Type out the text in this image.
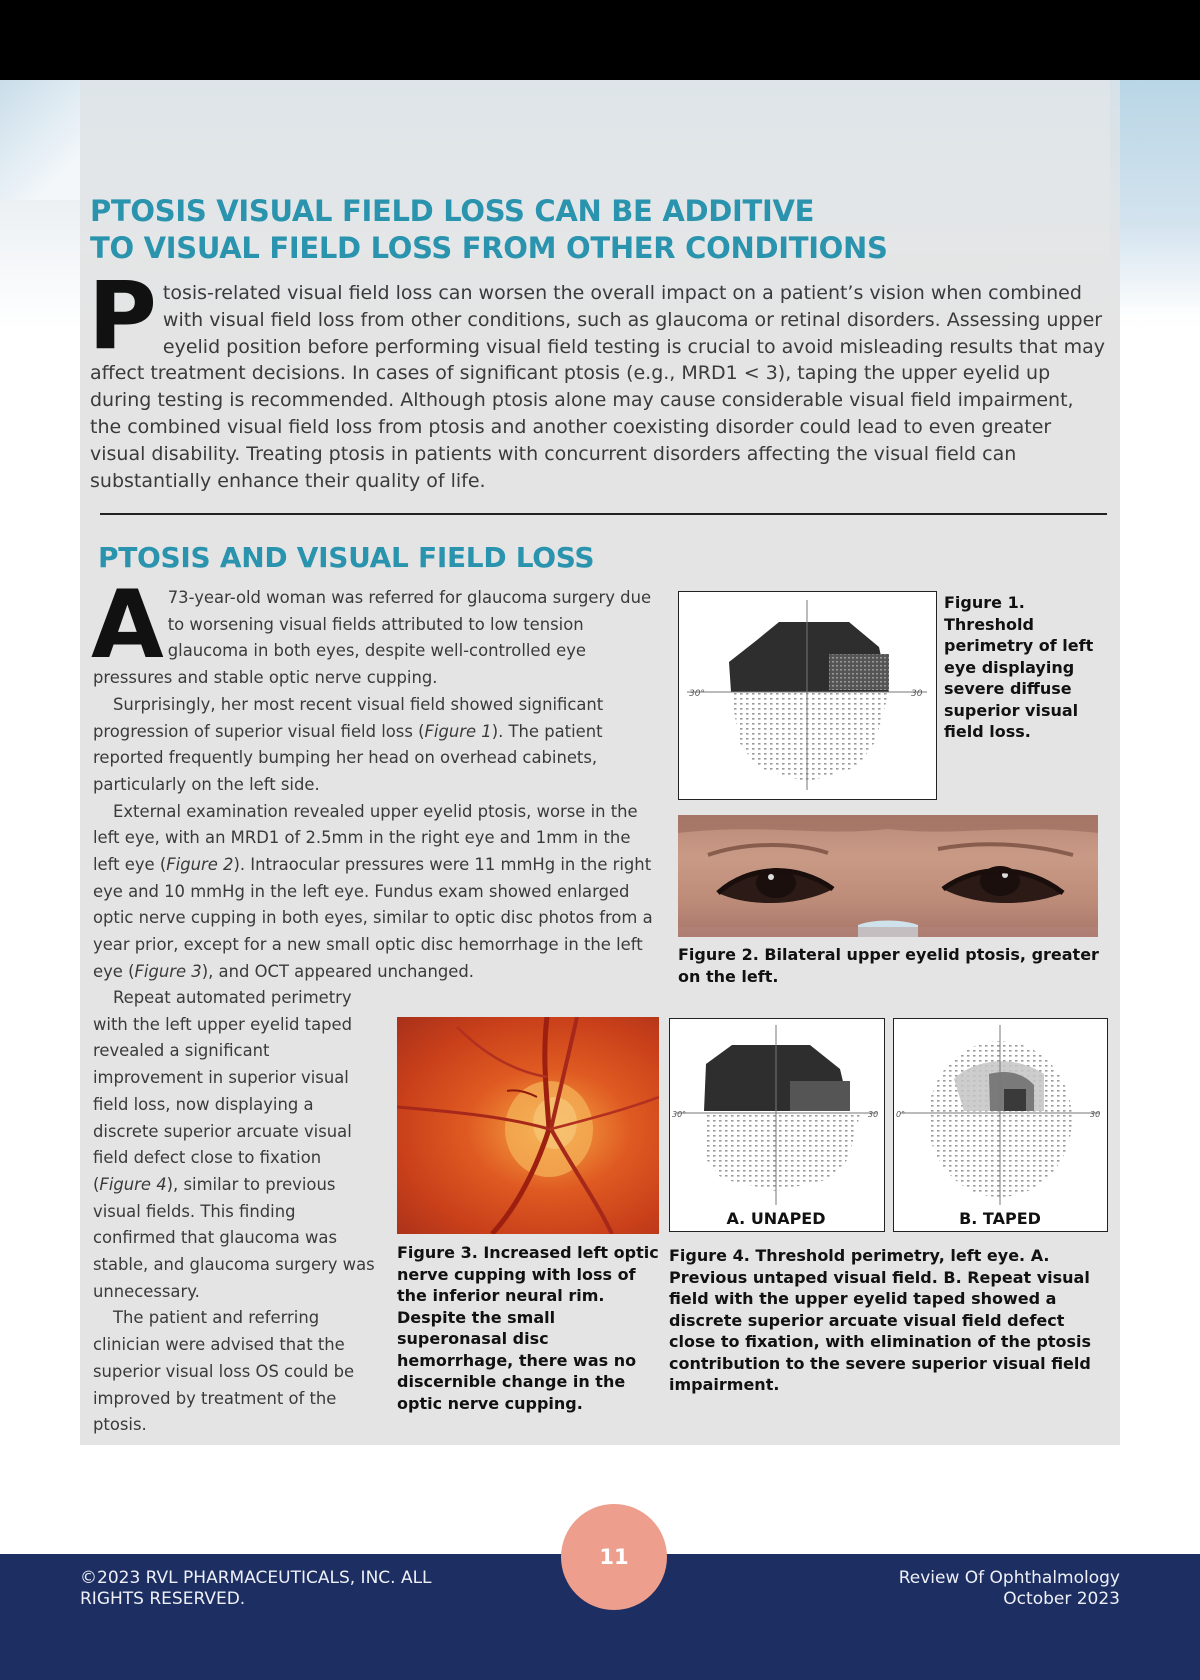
PTOSIS VISUAL FIELD LOSS CAN BE ADDITIVE
TO VISUAL FIELD LOSS FROM OTHER CONDITIONS
Ptosis-related visual field loss can worsen the overall impact on a patient’s vision when combined with visual field loss from other conditions, such as glaucoma or retinal disorders. Assessing upper eyelid position before performing visual field testing is crucial to avoid misleading results that may affect treatment decisions. In cases of significant ptosis (e.g., MRD1 < 3), taping the upper eyelid up during testing is recommended. Although ptosis alone may cause considerable visual field impairment, the combined visual field loss from ptosis and another coexisting disorder could lead to even greater visual disability. Treating ptosis in patients with concurrent disorders affecting the visual field can substantially enhance their quality of life.
PTOSIS AND VISUAL FIELD LOSS

A 73-year-old woman was referred for glaucoma surgery due to worsening visual fields attributed to low tension glaucoma in both eyes, despite well-controlled eye pressures and stable optic nerve cupping.

Surprisingly, her most recent visual field showed significant progression of superior visual field loss (Figure 1). The patient reported frequently bumping her head on overhead cabinets, particularly on the left side.

External examination revealed upper eyelid ptosis, worse in the left eye, with an MRD1 of 2.5mm in the right eye and 1mm in the left eye (Figure 2). Intraocular pressures were 11 mmHg in the right eye and 10 mmHg in the left eye. Fundus exam showed enlarged optic nerve cupping in both eyes, similar to optic disc photos from a year prior, except for a new small optic disc hemorrhage in the left eye (Figure 3), and OCT appeared unchanged.

Repeat automated perimetry with the left upper eyelid taped revealed a significant improvement in superior visual field loss, now displaying a discrete superior arcuate visual field defect close to fixation (Figure 4), similar to previous visual fields. This finding confirmed that glaucoma was stable, and glaucoma surgery was unnecessary.

The patient and referring clinician were advised that the superior visual loss OS could be improved by treatment of the ptosis.

30°	30
Figure 1. Threshold perimetry of left eye displaying severe diffuse superior visual field loss.
Figure 2. Bilateral upper eyelid ptosis, greater on the left.
Figure 3. Increased left optic nerve cupping with loss of the inferior neural rim. Despite the small superonasal disc hemorrhage, there was no discernible change in the optic nerve cupping.
30°	30
A. UNAPED
0°	30
B. TAPED
Figure 4. Threshold perimetry, left eye. A. Previous untaped visual field. B. Repeat visual field with the upper eyelid taped showed a discrete superior arcuate visual field defect close to fixation, with elimination of the ptosis contribution to the severe superior visual field impairment.
©2023 RVL PHARMACEUTICALS, INC. ALL
RIGHTS RESERVED.
Review Of Ophthalmology
October 2023
11
